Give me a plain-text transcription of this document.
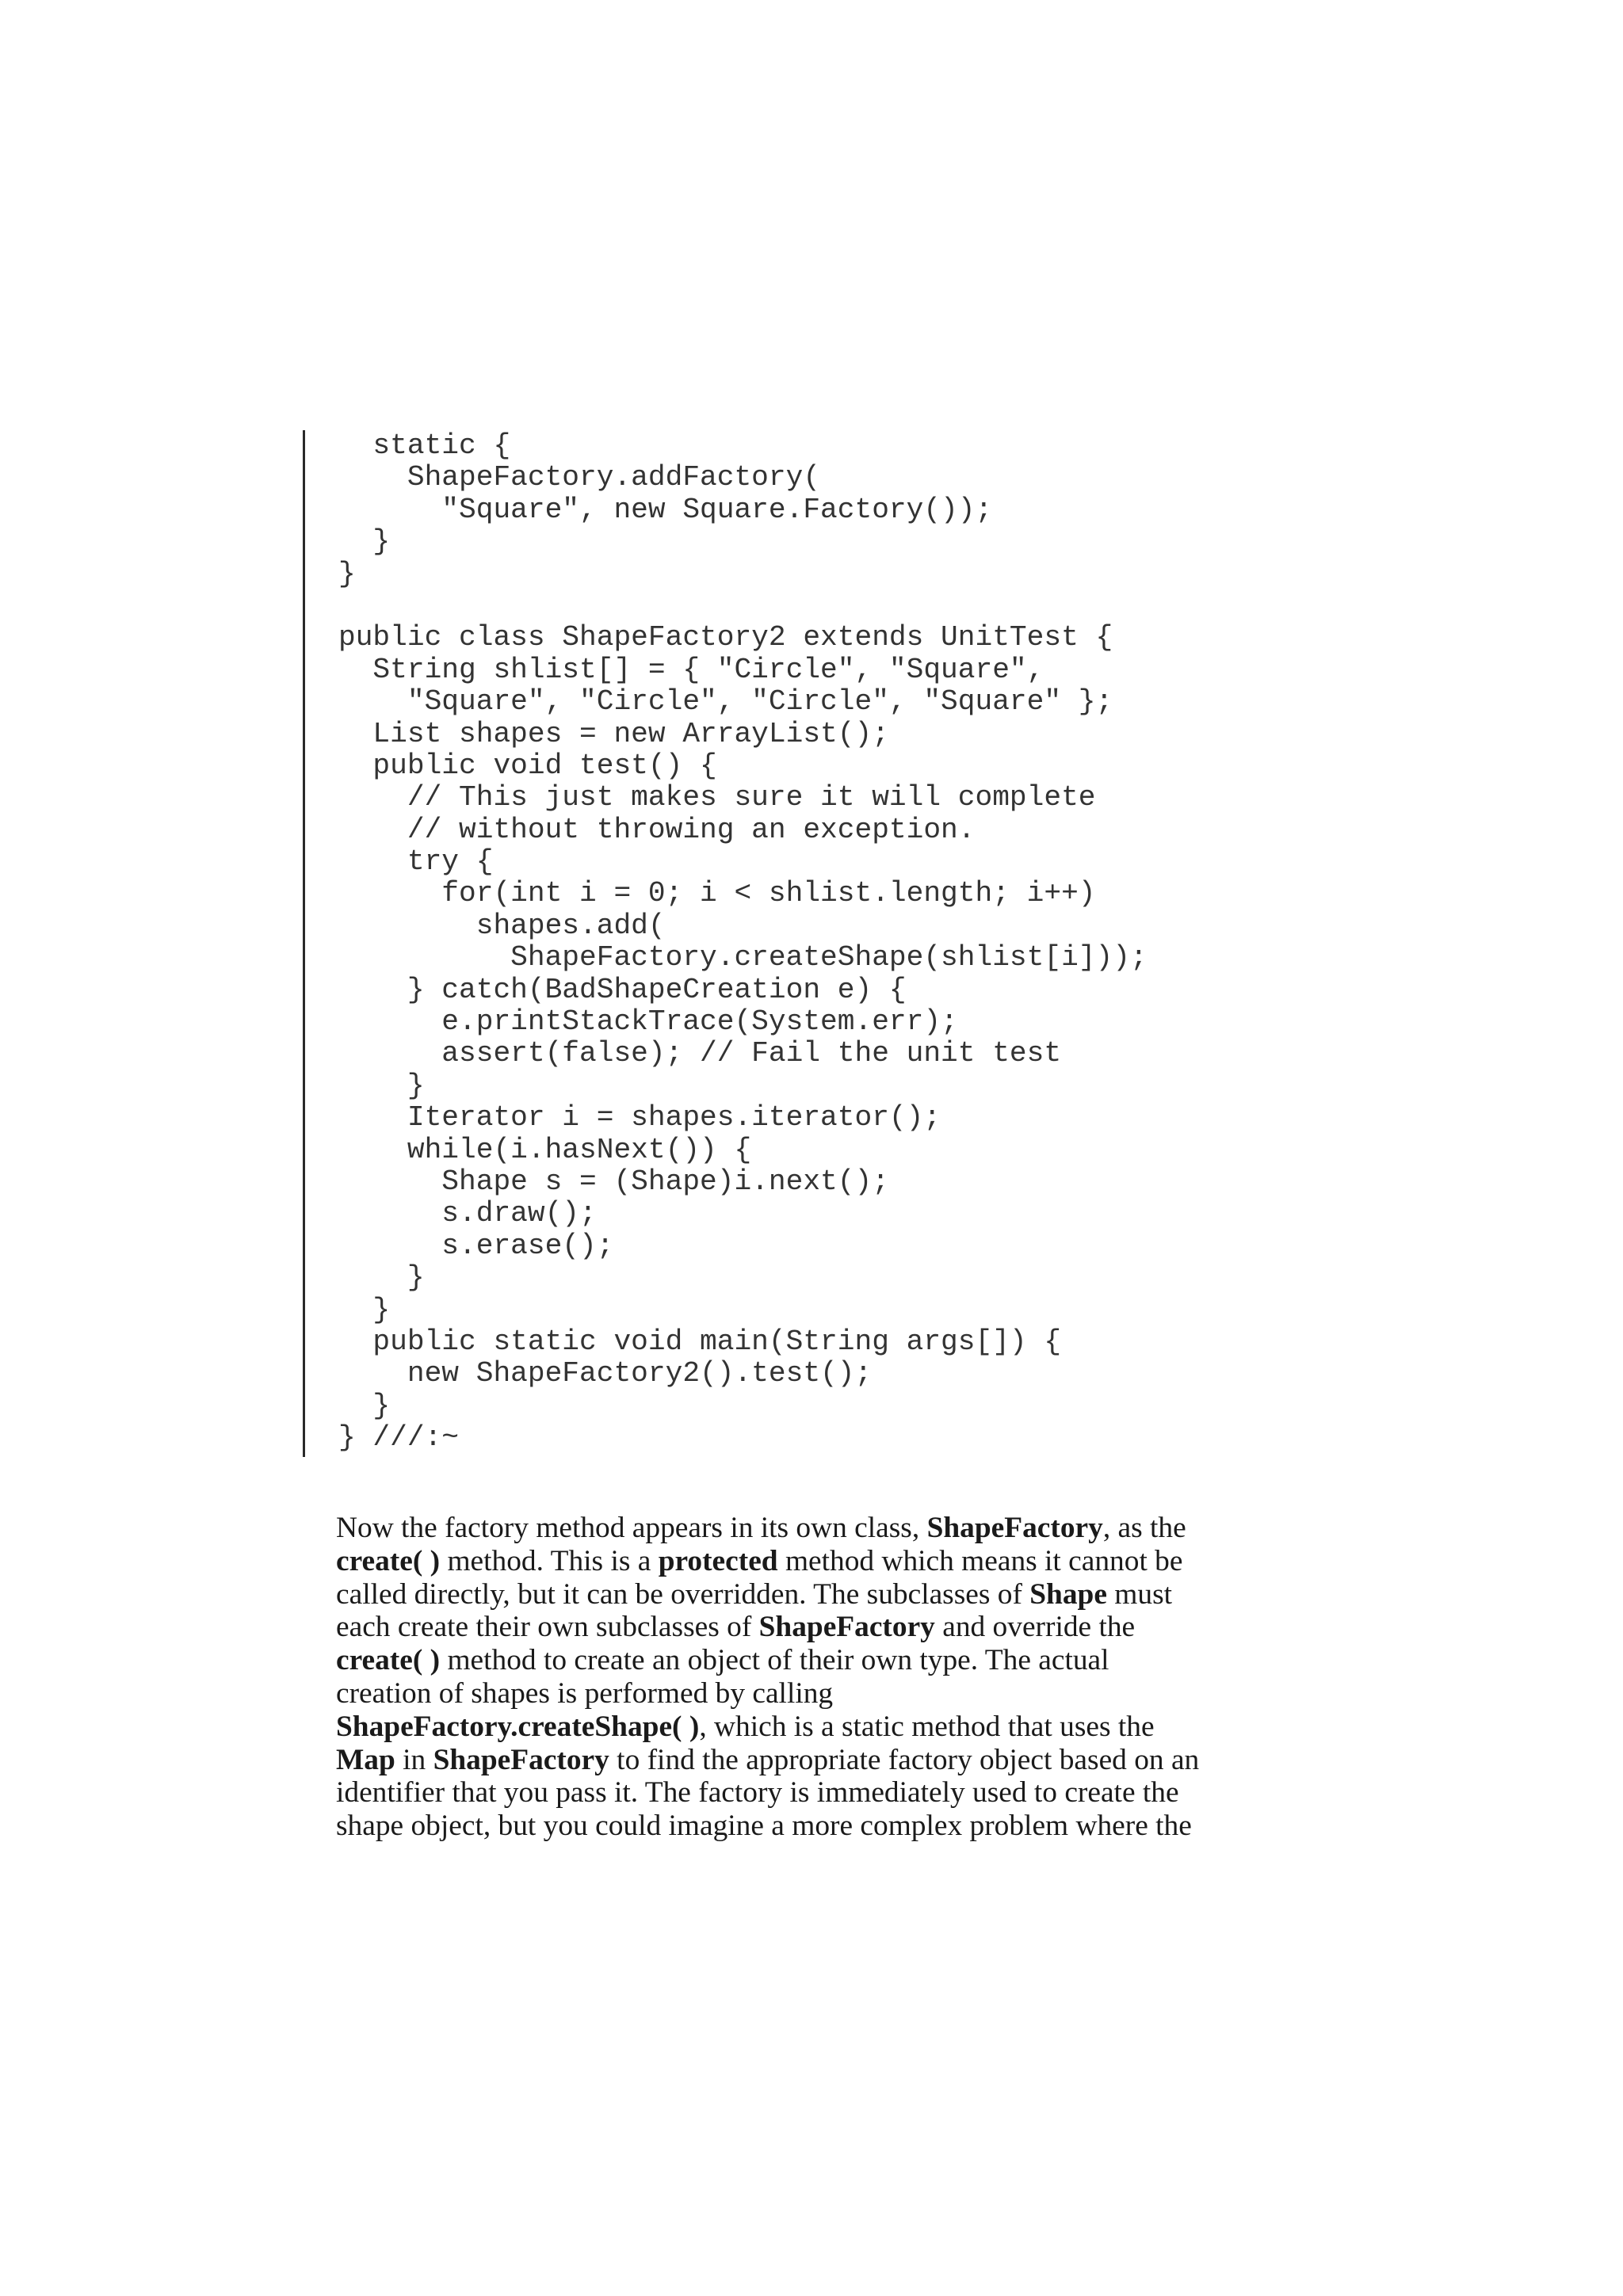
static {
ShapeFactory.addFactory(
"Square", new Square.Factory());
}
}
public class ShapeFactory2 extends UnitTest {
String shlist[] = { "Circle", "Square",
"Square", "Circle", "Circle", "Square" };
List shapes = new ArrayList();
public void test() {
// This just makes sure it will complete
// without throwing an exception.
try {
for(int i = 0; i < shlist.length; i++)
shapes.add(
ShapeFactory.createShape(shlist[i]));
} catch(BadShapeCreation e) {
e.printStackTrace(System.err);
assert(false); // Fail the unit test
}
Iterator i = shapes.iterator();
while(i.hasNext()) {
Shape s = (Shape)i.next();
s.draw();
s.erase();
}
}
public static void main(String args[]) {
new ShapeFactory2().test();
}
} ///:~
Now the factory method appears in its own class, ShapeFactory, as the
create( ) method. This is a protected method which means it cannot be
called directly, but it can be overridden. The subclasses of Shape must
each create their own subclasses of ShapeFactory and override the
create( ) method to create an object of their own type. The actual
creation of shapes is performed by calling
ShapeFactory.createShape( ), which is a static method that uses the
Map in ShapeFactory to find the appropriate factory object based on an
identifier that you pass it. The factory is immediately used to create the
shape object, but you could imagine a more complex problem where the
